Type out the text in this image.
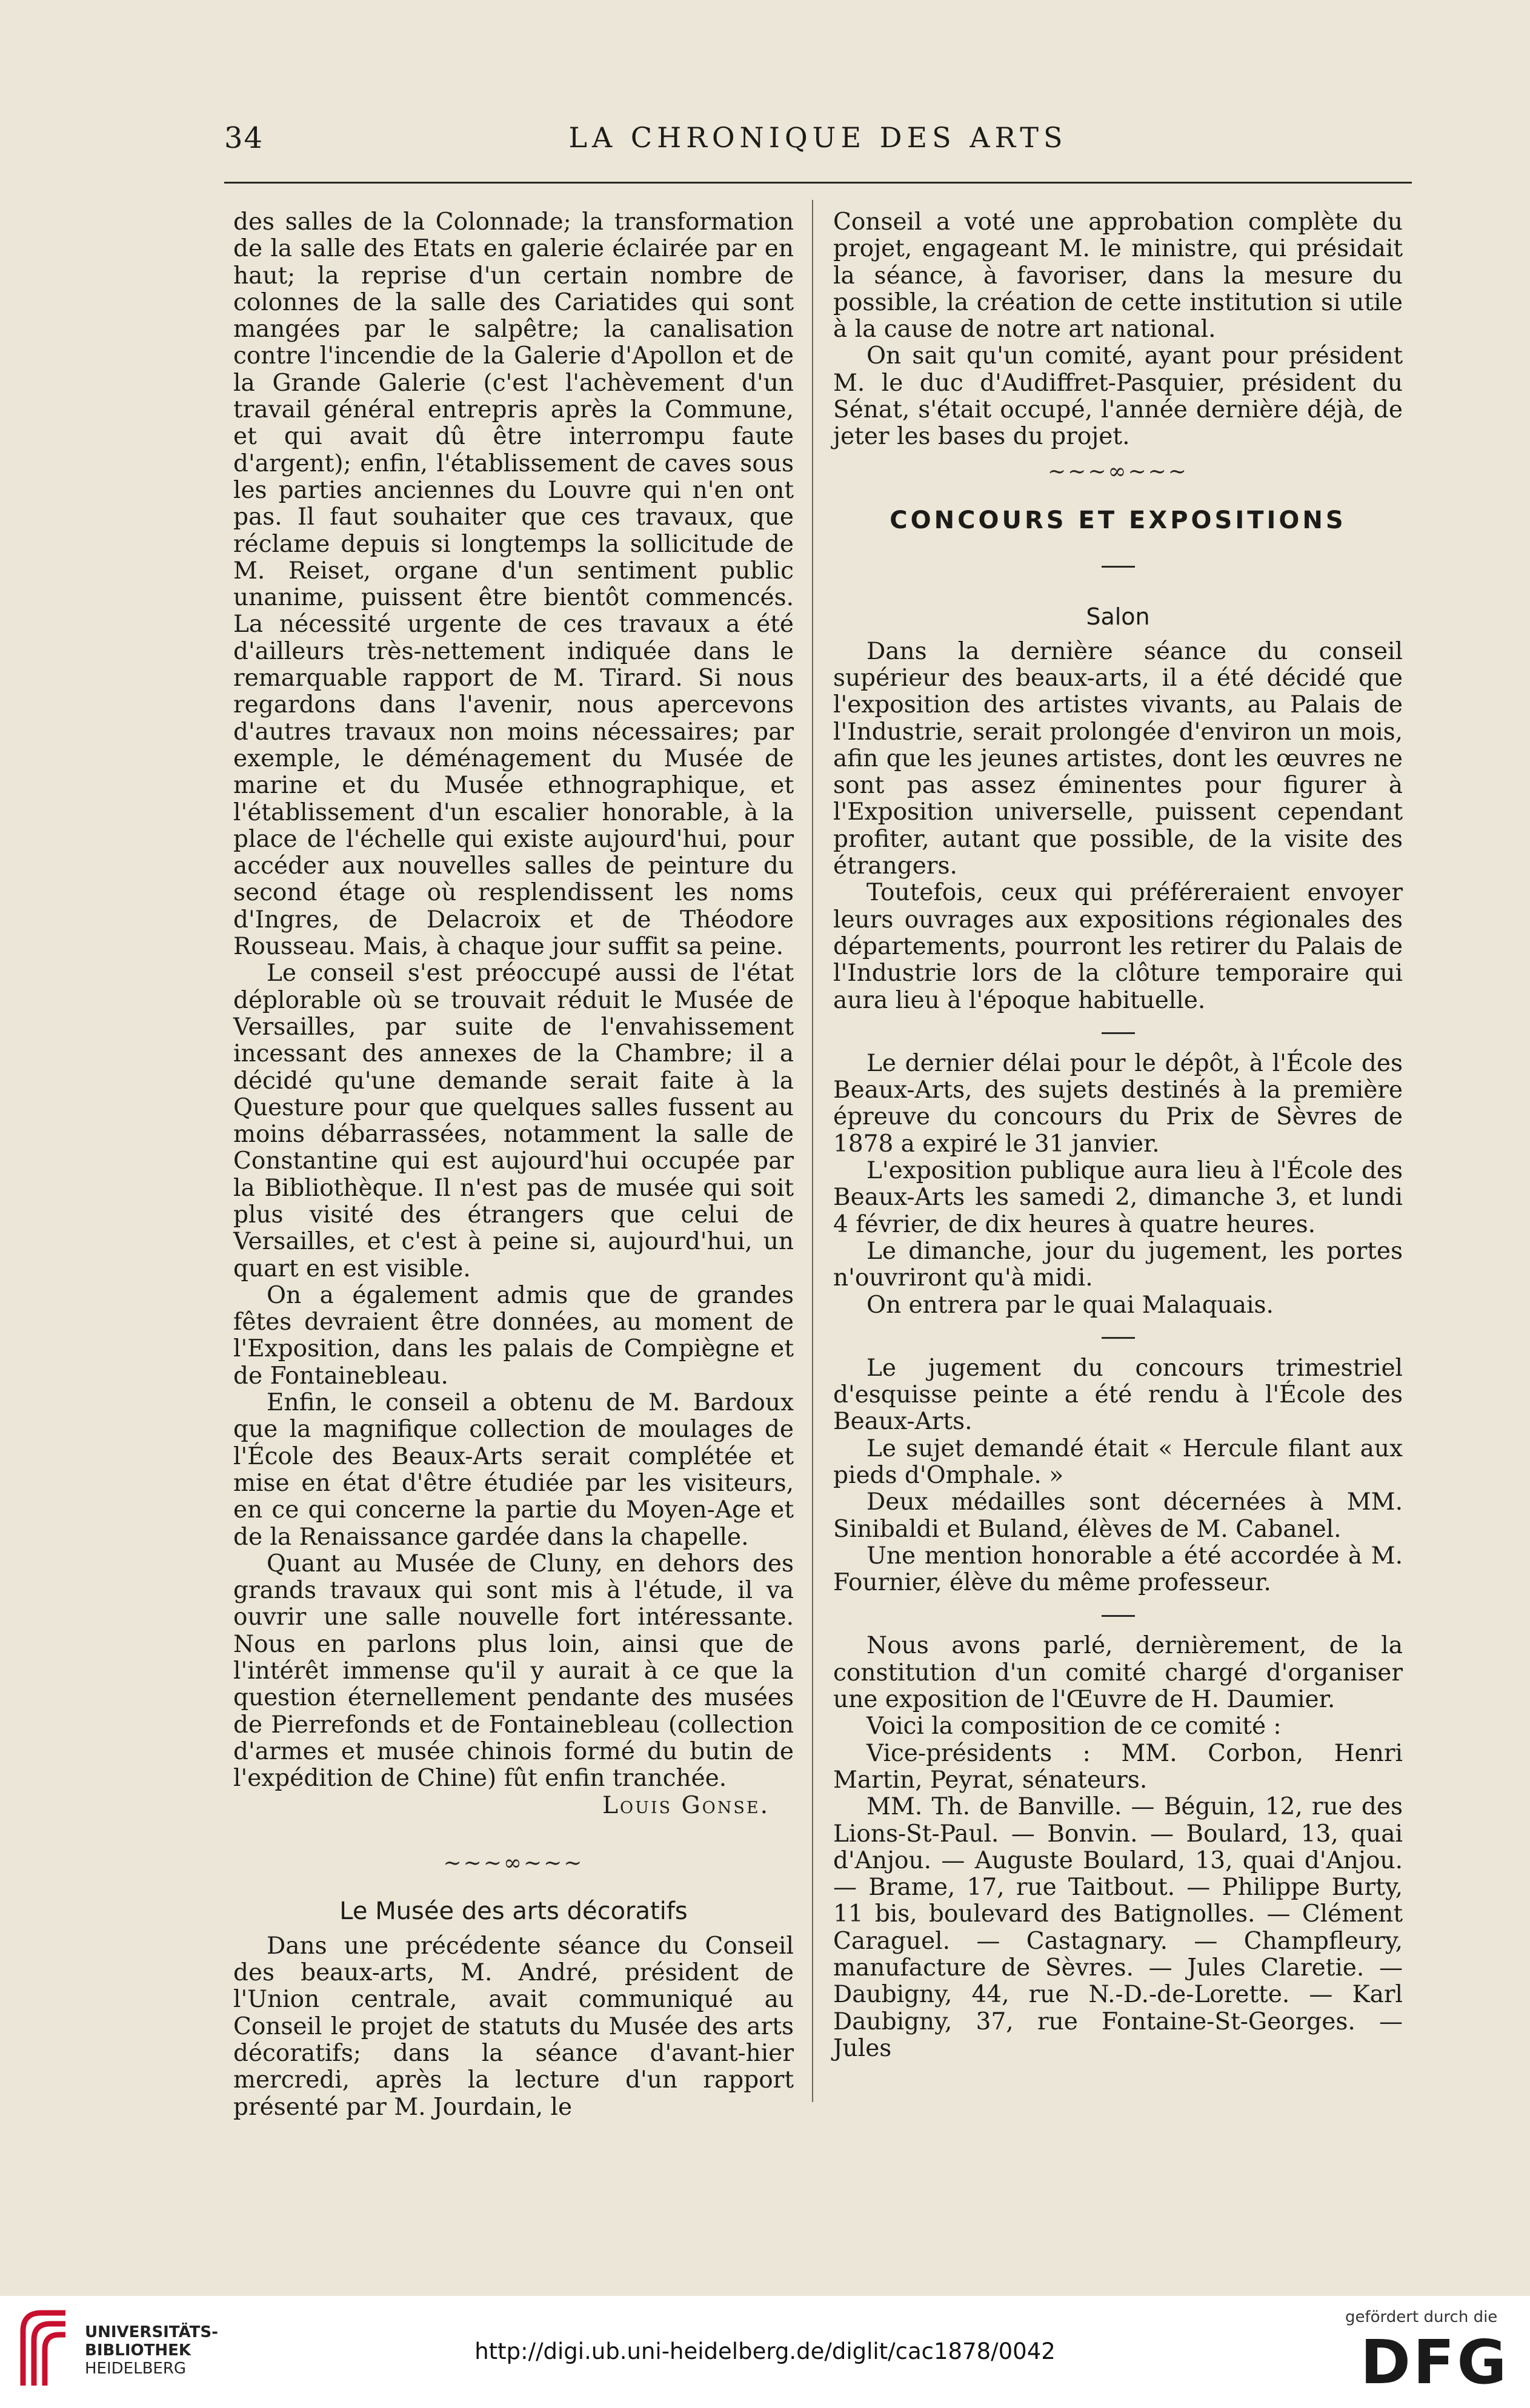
34	LA CHRONIQUE DES ARTS

des salles de la Colonnade; la transformation de la salle des Etats en galerie éclairée par en haut; la reprise d'un certain nombre de colonnes de la salle des Cariatides qui sont mangées par le salpêtre; la canalisation contre l'incendie de la Galerie d'Apollon et de la Grande Galerie (c'est l'achèvement d'un travail général entrepris après la Commune, et qui avait dû être interrompu faute d'argent); enfin, l'établissement de caves sous les parties anciennes du Louvre qui n'en ont pas. Il faut souhaiter que ces travaux, que réclame depuis si longtemps la sollicitude de M. Reiset, organe d'un sentiment public unanime, puissent être bientôt commencés. La nécessité urgente de ces travaux a été d'ailleurs très-nettement indiquée dans le remarquable rapport de M. Tirard. Si nous regardons dans l'avenir, nous apercevons d'autres travaux non moins nécessaires; par exemple, le déménagement du Musée de marine et du Musée ethnographique, et l'établissement d'un escalier honorable, à la place de l'échelle qui existe aujourd'hui, pour accéder aux nouvelles salles de peinture du second étage où resplendissent les noms d'Ingres, de Delacroix et de Théodore Rousseau. Mais, à chaque jour suffit sa peine.

Le conseil s'est préoccupé aussi de l'état déplorable où se trouvait réduit le Musée de Versailles, par suite de l'envahissement incessant des annexes de la Chambre; il a décidé qu'une demande serait faite à la Questure pour que quelques salles fussent au moins débarrassées, notamment la salle de Constantine qui est aujourd'hui occupée par la Bibliothèque. Il n'est pas de musée qui soit plus visité des étrangers que celui de Versailles, et c'est à peine si, aujourd'hui, un quart en est visible.

On a également admis que de grandes fêtes devraient être données, au moment de l'Exposition, dans les palais de Compiègne et de Fontainebleau.

Enfin, le conseil a obtenu de M. Bardoux que la magnifique collection de moulages de l'École des Beaux-Arts serait complétée et mise en état d'être étudiée par les visiteurs, en ce qui concerne la partie du Moyen-Age et de la Renaissance gardée dans la chapelle.

Quant au Musée de Cluny, en dehors des grands travaux qui sont mis à l'étude, il va ouvrir une salle nouvelle fort intéressante. Nous en parlons plus loin, ainsi que de l'intérêt immense qu'il y aurait à ce que la question éternellement pendante des musées de Pierrefonds et de Fontainebleau (collection d'armes et musée chinois formé du butin de l'expédition de Chine) fût enfin tranchée.

Louis Gonse.
~~~∞~~~
Le Musée des arts décoratifs

Dans une précédente séance du Conseil des beaux-arts, M. André, président de l'Union centrale, avait communiqué au Conseil le projet de statuts du Musée des arts décoratifs; dans la séance d'avant-hier mercredi, après la lecture d'un rapport présenté par M. Jourdain, le

Conseil a voté une approbation complète du projet, engageant M. le ministre, qui présidait la séance, à favoriser, dans la mesure du possible, la création de cette institution si utile à la cause de notre art national.

On sait qu'un comité, ayant pour président M. le duc d'Audiffret-Pasquier, président du Sénat, s'était occupé, l'année dernière déjà, de jeter les bases du projet.

~~~∞~~~
CONCOURS ET EXPOSITIONS
Salon

Dans la dernière séance du conseil supérieur des beaux-arts, il a été décidé que l'exposition des artistes vivants, au Palais de l'Industrie, serait prolongée d'environ un mois, afin que les jeunes artistes, dont les œuvres ne sont pas assez éminentes pour figurer à l'Exposition universelle, puissent cependant profiter, autant que possible, de la visite des étrangers.

Toutefois, ceux qui préféreraient envoyer leurs ouvrages aux expositions régionales des départements, pourront les retirer du Palais de l'Industrie lors de la clôture temporaire qui aura lieu à l'époque habituelle.

Le dernier délai pour le dépôt, à l'École des Beaux-Arts, des sujets destinés à la première épreuve du concours du Prix de Sèvres de 1878 a expiré le 31 janvier.

L'exposition publique aura lieu à l'École des Beaux-Arts les samedi 2, dimanche 3, et lundi 4 février, de dix heures à quatre heures.

Le dimanche, jour du jugement, les portes n'ouvriront qu'à midi.

On entrera par le quai Malaquais.

Le jugement du concours trimestriel d'esquisse peinte a été rendu à l'École des Beaux-Arts.

Le sujet demandé était « Hercule filant aux pieds d'Omphale. »

Deux médailles sont décernées à MM. Sinibaldi et Buland, élèves de M. Cabanel.

Une mention honorable a été accordée à M. Fournier, élève du même professeur.

Nous avons parlé, dernièrement, de la constitution d'un comité chargé d'organiser une exposition de l'Œuvre de H. Daumier.

Voici la composition de ce comité :

Vice-présidents : MM. Corbon, Henri Martin, Peyrat, sénateurs.

MM. Th. de Banville. — Béguin, 12, rue des Lions-St-Paul. — Bonvin. — Boulard, 13, quai d'Anjou. — Auguste Boulard, 13, quai d'Anjou. — Brame, 17, rue Taitbout. — Philippe Burty, 11 bis, boulevard des Batignolles. — Clément Caraguel. — Castagnary. — Champfleury, manufacture de Sèvres. — Jules Claretie. — Daubigny, 44, rue N.-D.-de-Lorette. — Karl Daubigny, 37, rue Fontaine-St-Georges. — Jules

UNIVERSITÄTS-
BIBLIOTHEK
HEIDELBERG
http://digi.ub.uni-heidelberg.de/diglit/cac1878/0042
gefördert durch die
DFG
